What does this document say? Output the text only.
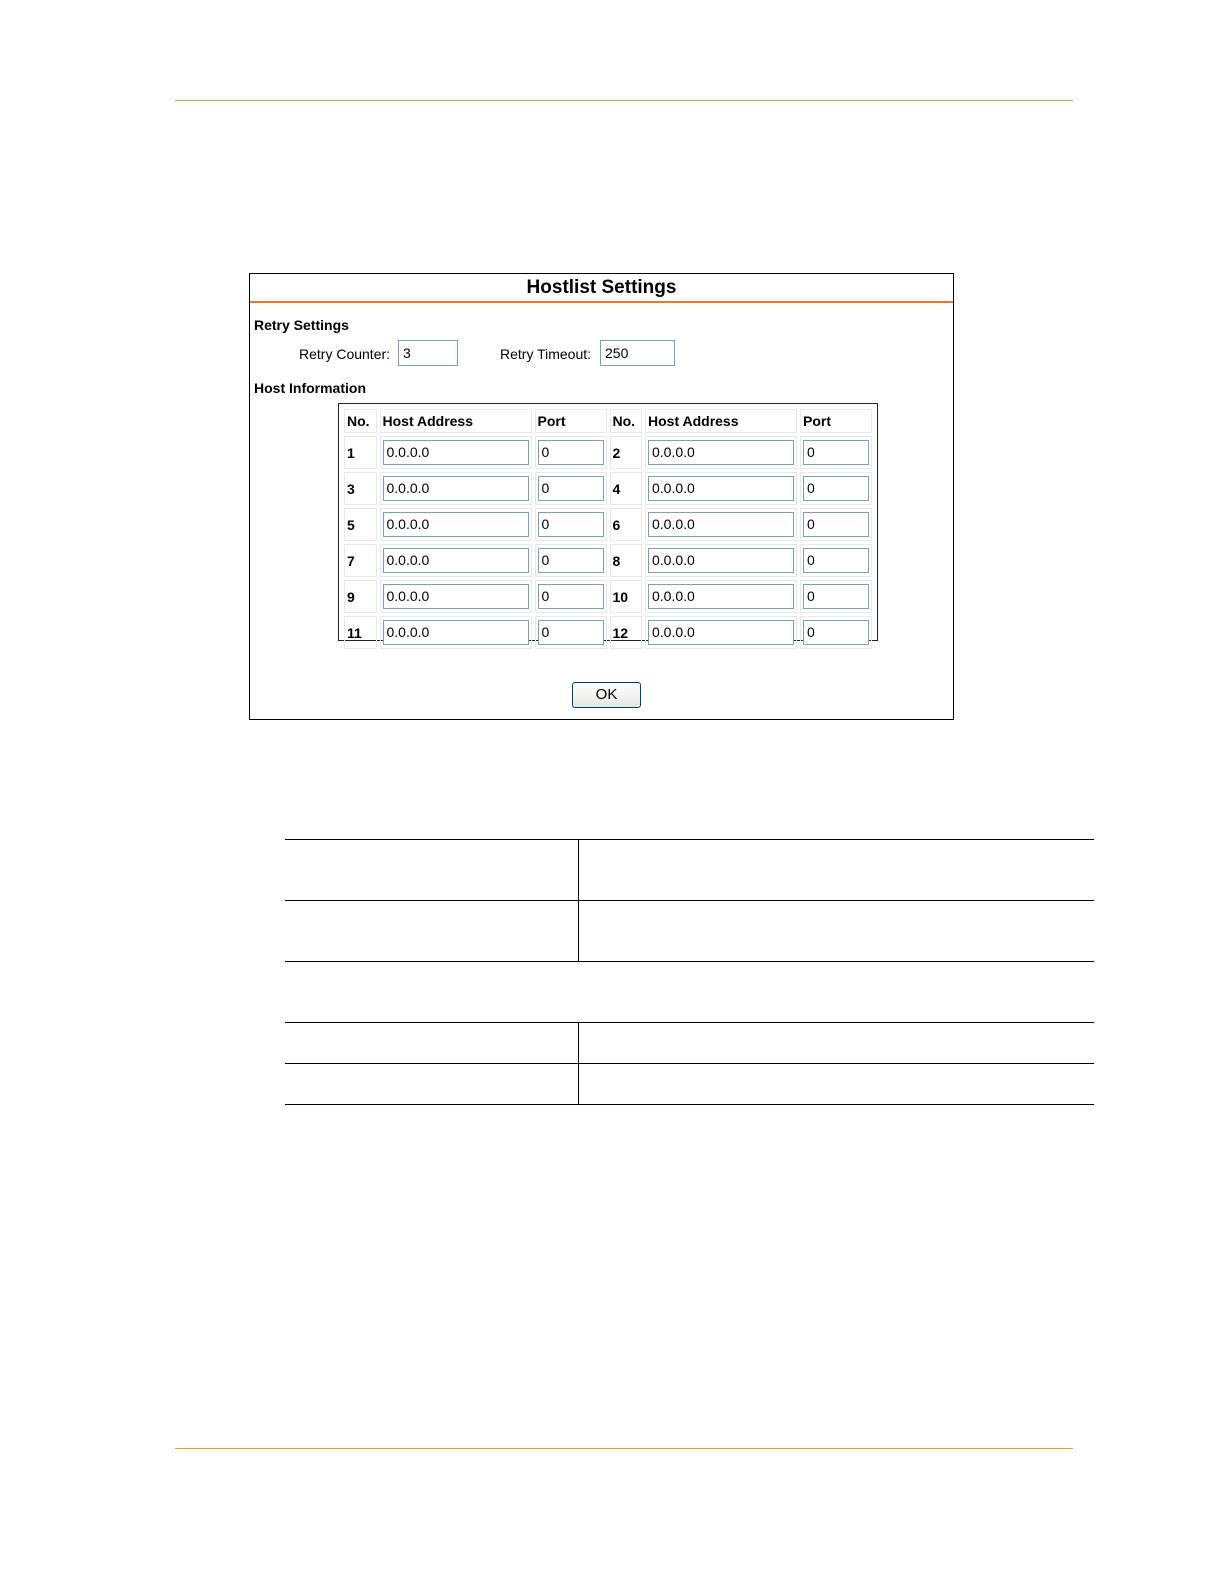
Hostlist Settings
Retry Settings
Retry Counter: 3	Retry Timeout: 250
Host Information
No.	Host Address	Port	No.	Host Address	Port
1	0.0.0.0	0	2	0.0.0.0	0

3	0.0.0.0	0	4	0.0.0.0	0

5	0.0.0.0	0	6	0.0.0.0	0

7	0.0.0.0	0	8	0.0.0.0	0

9	0.0.0.0	0	10	0.0.0.0	0

11	0.0.0.0	0	12	0.0.0.0	0
OK
